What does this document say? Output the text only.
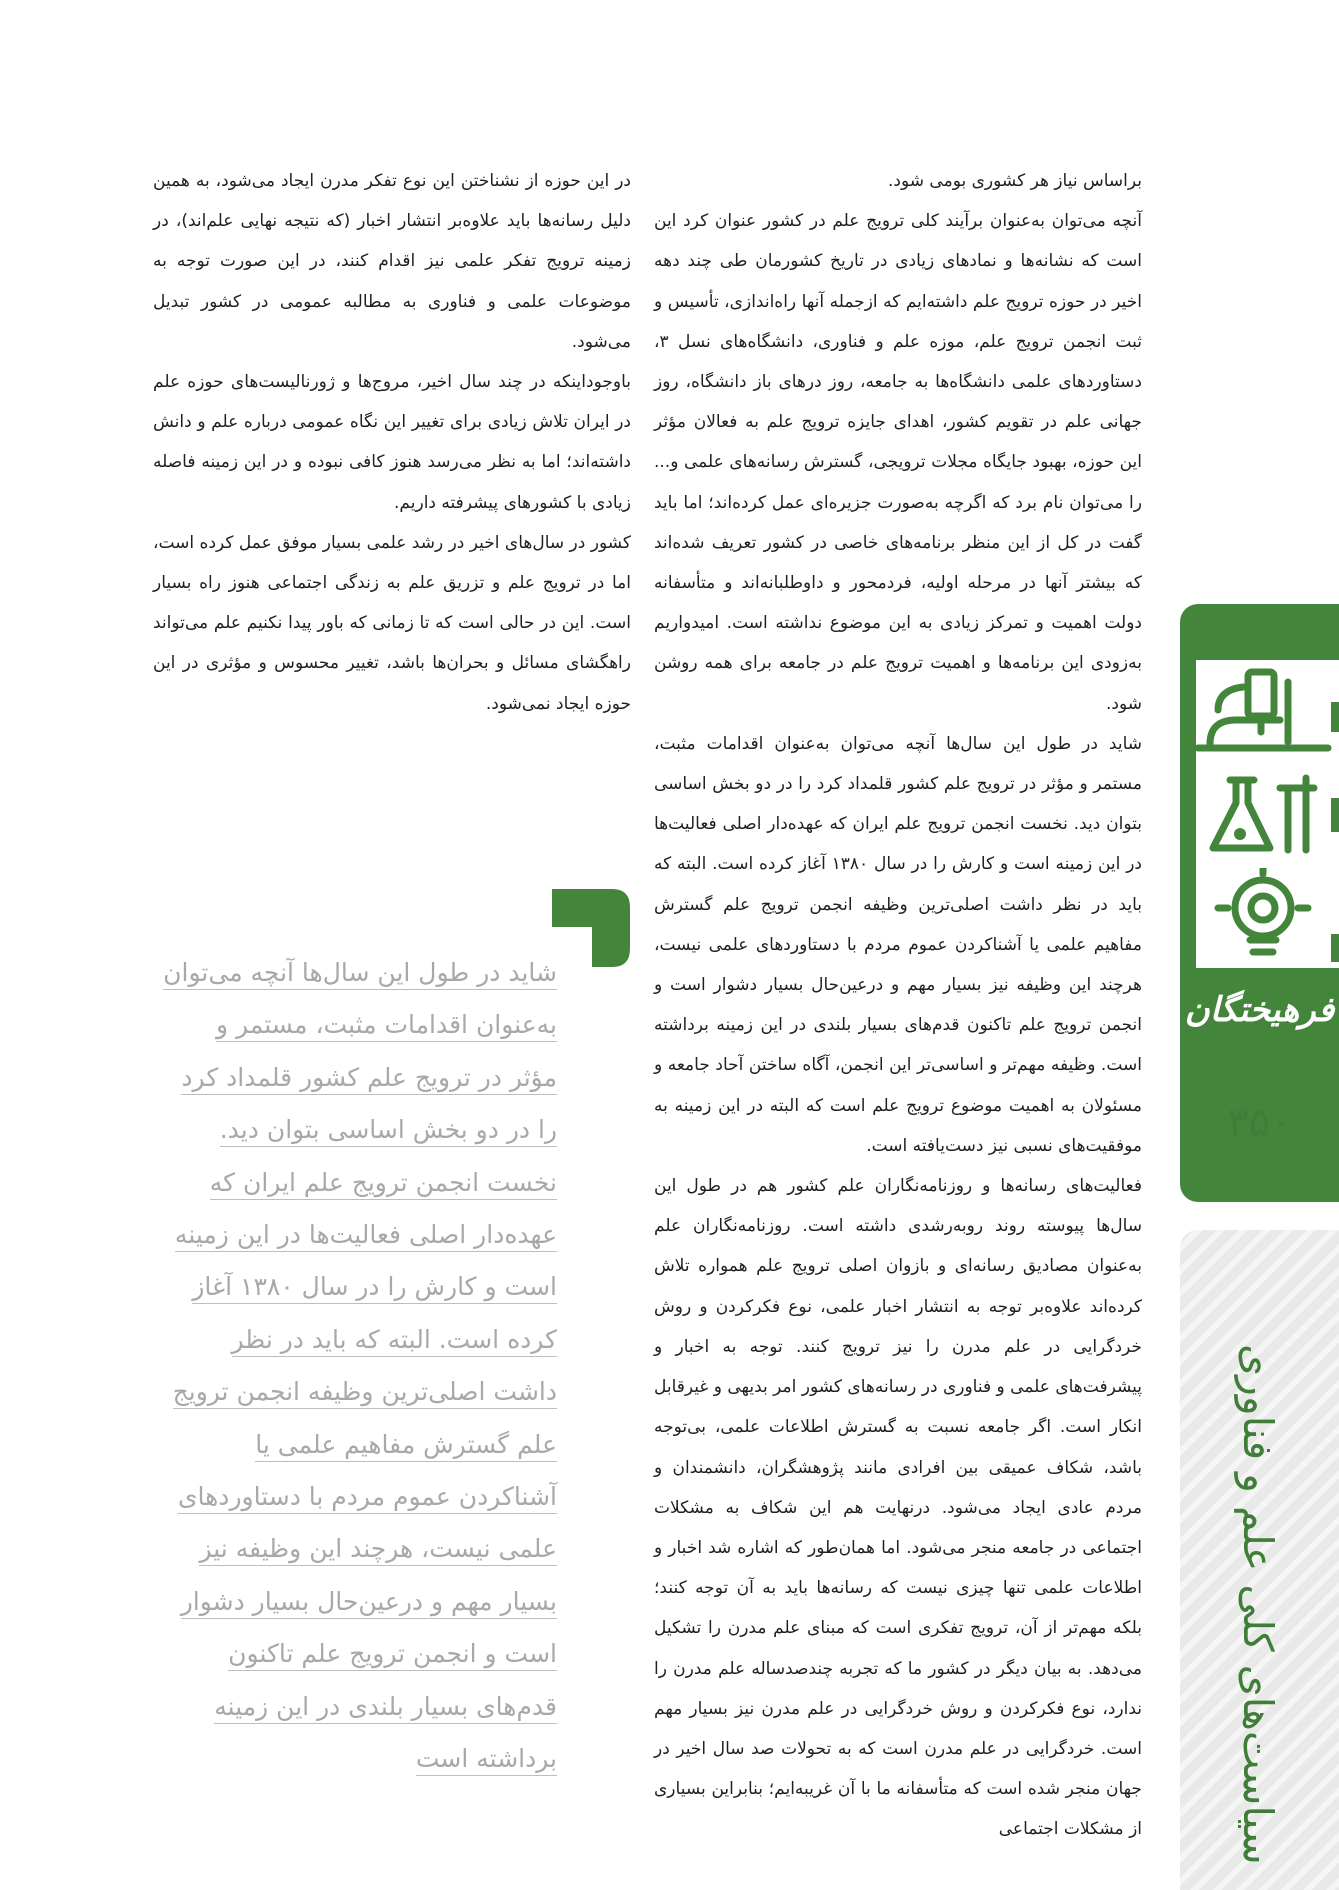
براساس نیاز هر کشوری بومی شود.

آنچه می‌توان به‌عنوان برآیند کلی ترویج علم در کشور عنوان کرد این است که نشانه‌ها و نمادهای زیادی در تاریخ کشورمان طی چند دهه اخیر در حوزه ترویج علم داشته‌ایم که ازجمله آنها راه‌اندازی، تأسیس و ثبت انجمن ترویج علم، موزه علم و فناوری، دانشگاه‌های نسل ۳، دستاوردهای علمی دانشگاه‌ها به جامعه، روز درهای باز دانشگاه، روز جهانی علم در تقویم کشور، اهدای جایزه ترویج علم به فعالان مؤثر این حوزه، بهبود جایگاه مجلات ترویجی، گسترش رسانه‌های علمی و... را می‌توان نام برد که اگرچه به‌صورت جزیره‌ای عمل کرده‌اند؛ اما باید گفت در کل از این منظر برنامه‌های خاصی در کشور تعریف شده‌اند که بیشتر آنها در مرحله اولیه، فردمحور و داوطلبانه‌اند و متأسفانه دولت اهمیت و تمرکز زیادی به این موضوع نداشته است. امیدواریم به‌زودی این برنامه‌ها و اهمیت ترویج علم در جامعه برای همه روشن شود.

شاید در طول این سال‌ها آنچه می‌توان به‌عنوان اقدامات مثبت، مستمر و مؤثر در ترویج علم کشور قلمداد کرد را در دو بخش اساسی بتوان دید. نخست انجمن ترویج علم ایران که عهده‌دار اصلی فعالیت‌ها در این زمینه است و کارش را در سال ۱۳۸۰ آغاز کرده است. البته که باید در نظر داشت اصلی‌ترین وظیفه انجمن ترویج علم گسترش مفاهیم علمی یا آشناکردن عموم مردم با دستاوردهای علمی نیست، هرچند این وظیفه نیز بسیار مهم و درعین‌حال بسیار دشوار است و انجمن ترویج علم تاکنون قدم‌های بسیار بلندی در این زمینه برداشته است. وظیفه مهم‌تر و اساسی‌تر این انجمن، آگاه ساختن آحاد جامعه و مسئولان به اهمیت موضوع ترویج علم است که البته در این زمینه به موفقیت‌های نسبی نیز دست‌یافته است.

فعالیت‌های رسانه‌ها و روزنامه‌نگاران علم کشور هم در طول این سال‌ها پیوسته روند روبه‌رشدی داشته است. روزنامه‌نگاران علم به‌عنوان مصادیق رسانه‌ای و بازوان اصلی ترویج علم همواره تلاش کرده‌اند علاوه‌بر توجه به انتشار اخبار علمی، نوع فکرکردن و روش خردگرایی در علم مدرن را نیز ترویج کنند. توجه به اخبار و پیشرفت‌های علمی و فناوری در رسانه‌های کشور امر بدیهی و غیرقابل انکار است. اگر جامعه نسبت به گسترش اطلاعات علمی، بی‌توجه باشد، شکاف عمیقی بین افرادی مانند پژوهشگران، دانشمندان و مردم عادی ایجاد می‌شود. درنهایت هم این شکاف به مشکلات اجتماعی در جامعه منجر می‌شود. اما همان‌طور که اشاره شد اخبار و اطلاعات علمی تنها چیزی نیست که رسانه‌ها باید به آن توجه کنند؛ بلکه مهم‌تر از آن، ترویج تفکری است که مبنای علم مدرن را تشکیل می‌دهد. به بیان دیگر در کشور ما که تجربه چندصدساله علم مدرن را ندارد، نوع فکرکردن و روش خردگرایی در علم مدرن نیز بسیار مهم است. خردگرایی در علم مدرن است که به تحولات صد سال اخیر در جهان منجر شده است که متأسفانه ما با آن غریبه‌ایم؛ بنابراین بسیاری از مشکلات اجتماعی

در این حوزه از نشناختن این نوع تفکر مدرن ایجاد می‌شود، به همین دلیل رسانه‌ها باید علاوه‌بر انتشار اخبار (که نتیجه نهایی علم‌اند)، در زمینه ترویج تفکر علمی نیز اقدام کنند، در این صورت توجه به موضوعات علمی و فناوری به مطالبه عمومی در کشور تبدیل می‌شود.

باوجوداینکه در چند سال اخیر، مروج‌ها و ژورنالیست‌های حوزه علم در ایران تلاش زیادی برای تغییر این نگاه عمومی درباره علم و دانش داشته‌اند؛ اما به نظر می‌رسد هنوز کافی نبوده و در این زمینه فاصله زیادی با کشورهای پیشرفته داریم.

کشور در سال‌های اخیر در رشد علمی بسیار موفق عمل کرده است، اما در ترویج علم و تزریق علم به زندگی اجتماعی هنوز راه بسیار است. این در حالی است که تا زمانی که باور پیدا نکنیم علم می‌تواند راهگشای مسائل و بحران‌ها باشد، تغییر محسوس و مؤثری در این حوزه ایجاد نمی‌شود.

شاید در طول این سال‌ها آنچه می‌توان به‌عنوان اقدامات مثبت، مستمر و مؤثر در ترویج علم کشور قلمداد کرد را در دو بخش اساسی بتوان دید. نخست انجمن ترویج علم ایران که عهده‌دار اصلی فعالیت‌ها در این زمینه است و کارش را در سال ۱۳۸۰ آغاز کرده است. البته که باید در نظر داشت اصلی‌ترین وظیفه انجمن ترویج علم گسترش مفاهیم علمی یا آشناکردن عموم مردم با دستاوردهای علمی نیست، هرچند این وظیفه نیز بسیار مهم و درعین‌حال بسیار دشوار است و انجمن ترویج علم تاکنون قدم‌های بسیار بلندی در این زمینه برداشته است
فرهیختگان
۳۵۰
سیاست‌های کلی علم و فناوری
